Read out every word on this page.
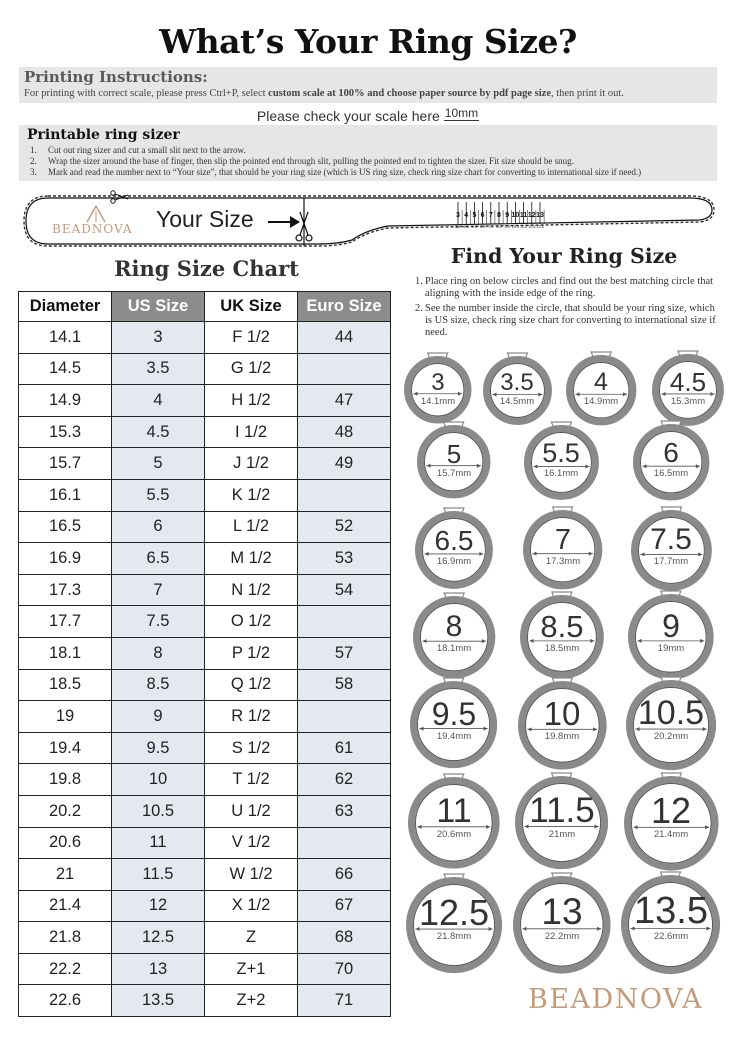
What’s Your Ring Size?
Printing Instructions:
For printing with correct scale, please press Ctrl+P, select custom scale at 100% and choose paper source by pdf page size, then print it out.
Please check your scale here 10mm
Printable ring sizer
1. Cut out ring sizer and cut a small slit next to the arrow.
2. Wrap the sizer around the base of finger, then slip the pointed end through slit, pulling the pointed end to tighten the sizer. Fit size should be snug.
3. Mark and read the number next to “Your size”, that should be your ring size (which is US ring size, check ring size chart for converting to international size if need.)
BEADNOVA Your Size	3 4 5 6 7 8 9 10 11 12 13
3.5 4.5 5.5 6.5 7.5 8.5 9.5 10.5 11.5 12.5 13.5
Ring Size Chart
Diameter	US Size	UK Size	Euro Size
14.1	3	F 1/2	44
14.5	3.5	G 1/2	
14.9	4	H 1/2	47
15.3	4.5	I 1/2	48
15.7	5	J 1/2	49
16.1	5.5	K 1/2	
16.5	6	L 1/2	52
16.9	6.5	M 1/2	53
17.3	7	N 1/2	54
17.7	7.5	O 1/2	
18.1	8	P 1/2	57
18.5	8.5	Q 1/2	58
19	9	R 1/2	
19.4	9.5	S 1/2	61
19.8	10	T 1/2	62
20.2	10.5	U 1/2	63
20.6	11	V 1/2	
21	11.5	W 1/2	66
21.4	12	X 1/2	67
21.8	12.5	Z	68
22.2	13	Z+1	70
22.6	13.5	Z+2	71
Find Your Ring Size
1. Place ring on below circles and find out the best matching circle that aligning with the inside edge of the ring.
2. See the number inside the circle, that should be your ring size, which is US size, check ring size chart for converting to international size if need.
3
14.1mm
3.5
14.5mm
4
14.9mm
4.5
15.3mm
5
15.7mm
5.5
16.1mm
6
16.5mm
6.5
16.9mm
7
17.3mm
7.5
17.7mm
8
18.1mm
8.5
18.5mm
9
19mm
9.5
19.4mm
10
19.8mm
10.5
20.2mm
11
20.6mm
11.5
21mm
12
21.4mm
12.5
21.8mm
13
22.2mm
13.5
22.6mm
BEADNOVA
